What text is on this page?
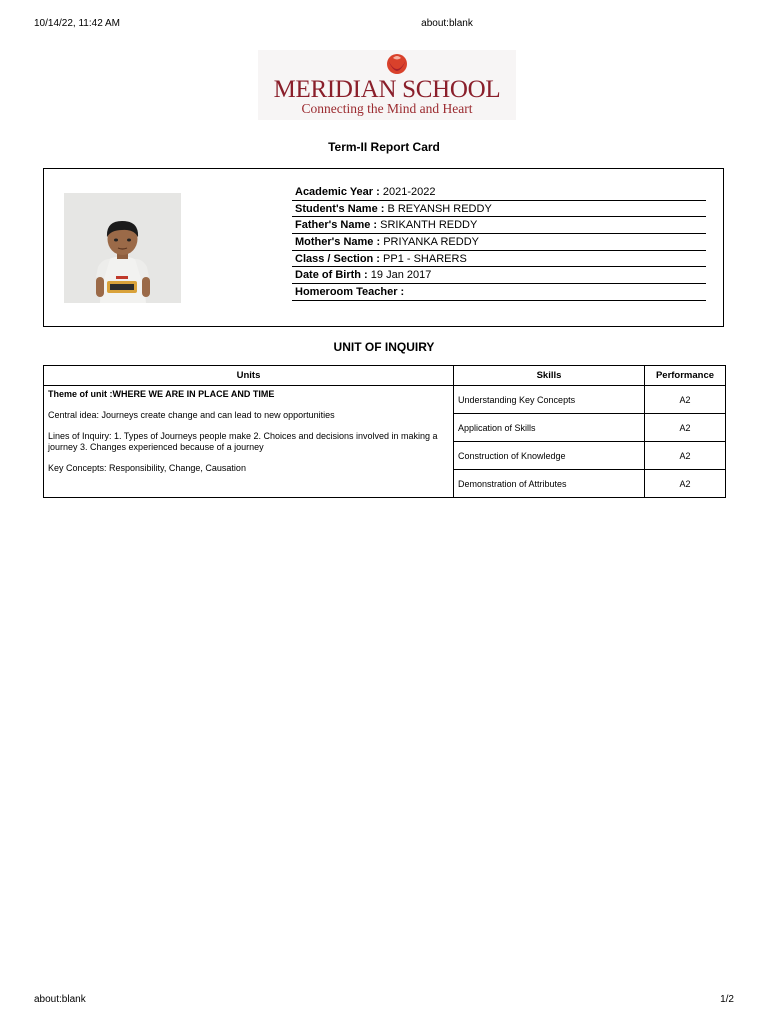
10/14/22, 11:42 AM	about:blank
MERIDIAN SCHOOL
Connecting the Mind and Heart
Term-II Report Card
Academic Year : 2021-2022
Student's Name : B REYANSH REDDY
Father's Name : SRIKANTH REDDY
Mother's Name : PRIYANKA REDDY
Class / Section : PP1 - SHARERS
Date of Birth : 19 Jan 2017
Homeroom Teacher :
UNIT OF INQUIRY
Units	Skills	Performance

Theme of unit :WHERE WE ARE IN PLACE AND TIME

Central idea: Journeys create change and can lead to new opportunities

Lines of Inquiry: 1. Types of Journeys people make 2. Choices and decisions involved in making a journey 3. Changes experienced because of a journey

Key Concepts: Responsibility, Change, Causation	Understanding Key Concepts	A2
	Application of Skills	A2
	Construction of Knowledge	A2
	Demonstration of Attributes	A2
about:blank	1/2
